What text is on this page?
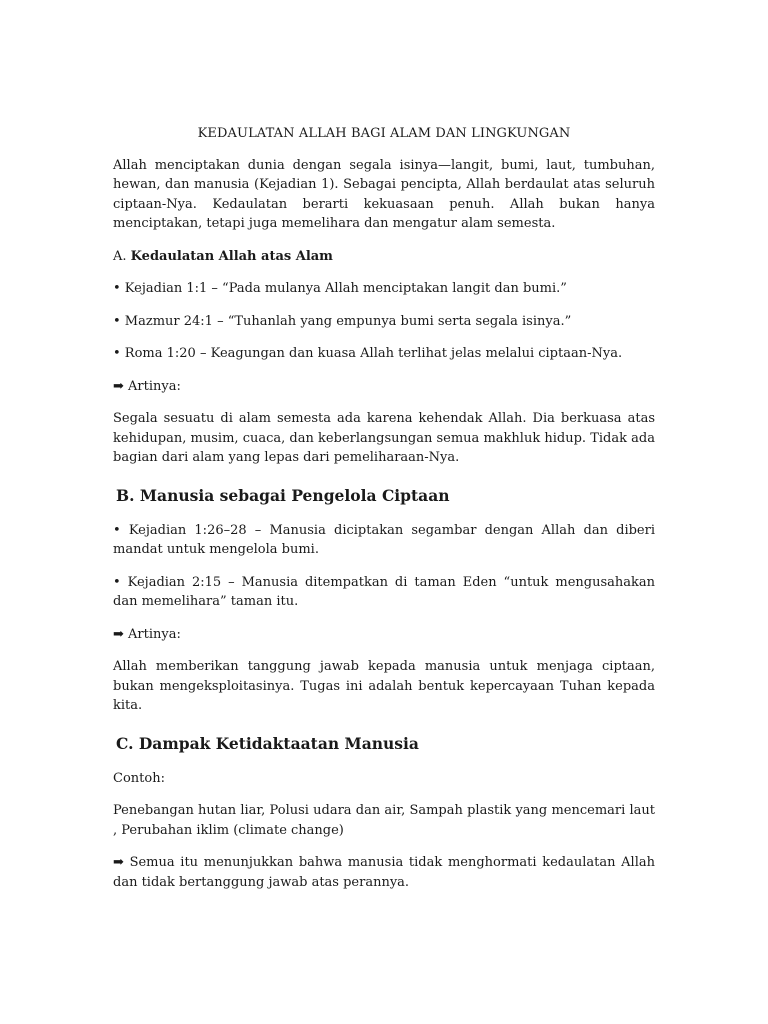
KEDAULATAN ALLAH BAGI ALAM DAN LINGKUNGAN

Allah menciptakan dunia dengan segala isinya—langit, bumi, laut, tumbuhan, hewan, dan manusia (Kejadian 1). Sebagai pencipta, Allah berdaulat atas seluruh ciptaan-Nya. Kedaulatan berarti kekuasaan penuh. Allah bukan hanya menciptakan, tetapi juga memelihara dan mengatur alam semesta.

A. Kedaulatan Allah atas Alam

• Kejadian 1:1 – “Pada mulanya Allah menciptakan langit dan bumi.”

• Mazmur 24:1 – “Tuhanlah yang empunya bumi serta segala isinya.”

• Roma 1:20 – Keagungan dan kuasa Allah terlihat jelas melalui ciptaan-Nya.

➡ Artinya:

Segala sesuatu di alam semesta ada karena kehendak Allah. Dia berkuasa atas kehidupan, musim, cuaca, dan keberlangsungan semua makhluk hidup. Tidak ada bagian dari alam yang lepas dari pemeliharaan-Nya.

B. Manusia sebagai Pengelola Ciptaan

• Kejadian 1:26–28 – Manusia diciptakan segambar dengan Allah dan diberi mandat untuk mengelola bumi.

• Kejadian 2:15 – Manusia ditempatkan di taman Eden “untuk mengusahakan dan memelihara” taman itu.

➡ Artinya:

Allah memberikan tanggung jawab kepada manusia untuk menjaga ciptaan, bukan mengeksploitasinya. Tugas ini adalah bentuk kepercayaan Tuhan kepada kita.

C. Dampak Ketidaktaatan Manusia

Contoh:

Penebangan hutan liar, Polusi udara dan air, Sampah plastik yang mencemari laut , Perubahan iklim (climate change)

➡ Semua itu menunjukkan bahwa manusia tidak menghormati kedaulatan Allah dan tidak bertanggung jawab atas perannya.
